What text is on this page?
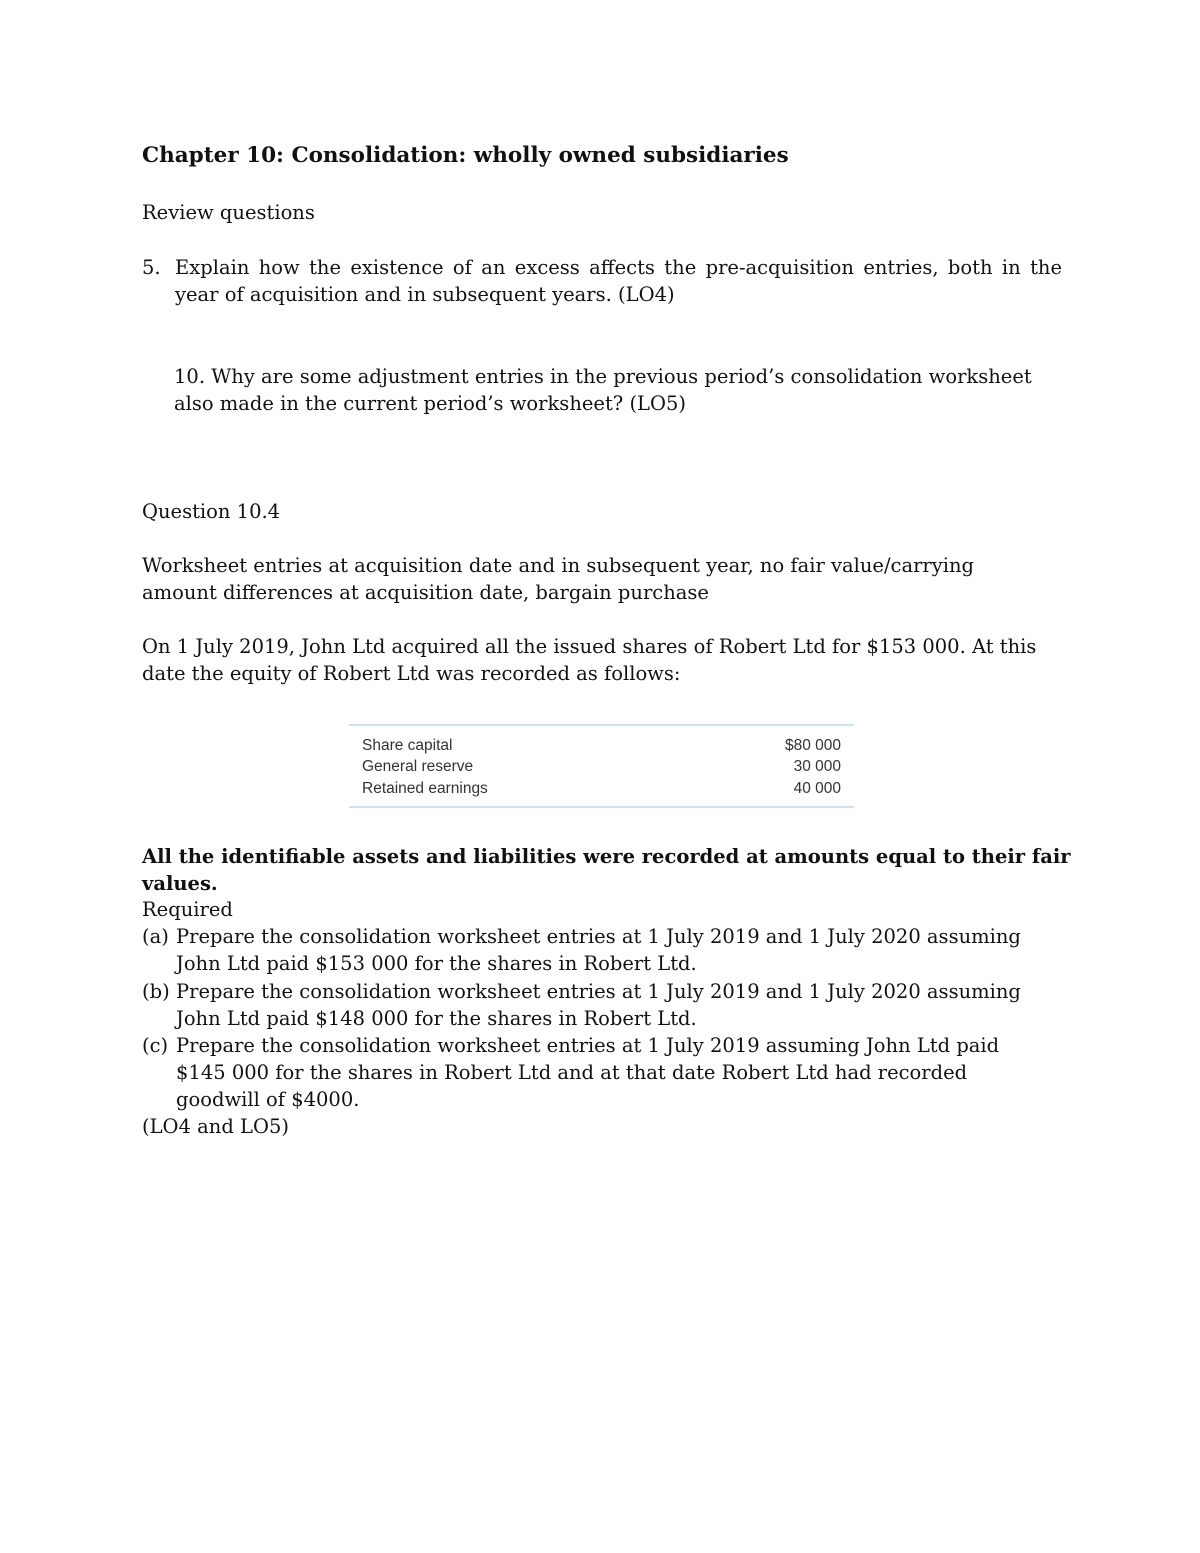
Chapter 10: Consolidation: wholly owned subsidiaries
Review questions
5. Explain how the existence of an excess affects the pre-acquisition entries, both in the year of acquisition and in subsequent years. (LO4)
10. Why are some adjustment entries in the previous period’s consolidation worksheet also made in the current period’s worksheet? (LO5)
Question 10.4
Worksheet entries at acquisition date and in subsequent year, no fair value/carrying amount differences at acquisition date, bargain purchase
On 1 July 2019, John Ltd acquired all the issued shares of Robert Ltd for $153 000. At this date the equity of Robert Ltd was recorded as follows:
Share capital	$80 000
General reserve	30 000
Retained earnings	40 000
All the identifiable assets and liabilities were recorded at amounts equal to their fair values.
Required
(a) Prepare the consolidation worksheet entries at 1 July 2019 and 1 July 2020 assuming John Ltd paid $153 000 for the shares in Robert Ltd.
(b) Prepare the consolidation worksheet entries at 1 July 2019 and 1 July 2020 assuming John Ltd paid $148 000 for the shares in Robert Ltd.
(c) Prepare the consolidation worksheet entries at 1 July 2019 assuming John Ltd paid $145 000 for the shares in Robert Ltd and at that date Robert Ltd had recorded goodwill of $4000.
(LO4 and LO5)
